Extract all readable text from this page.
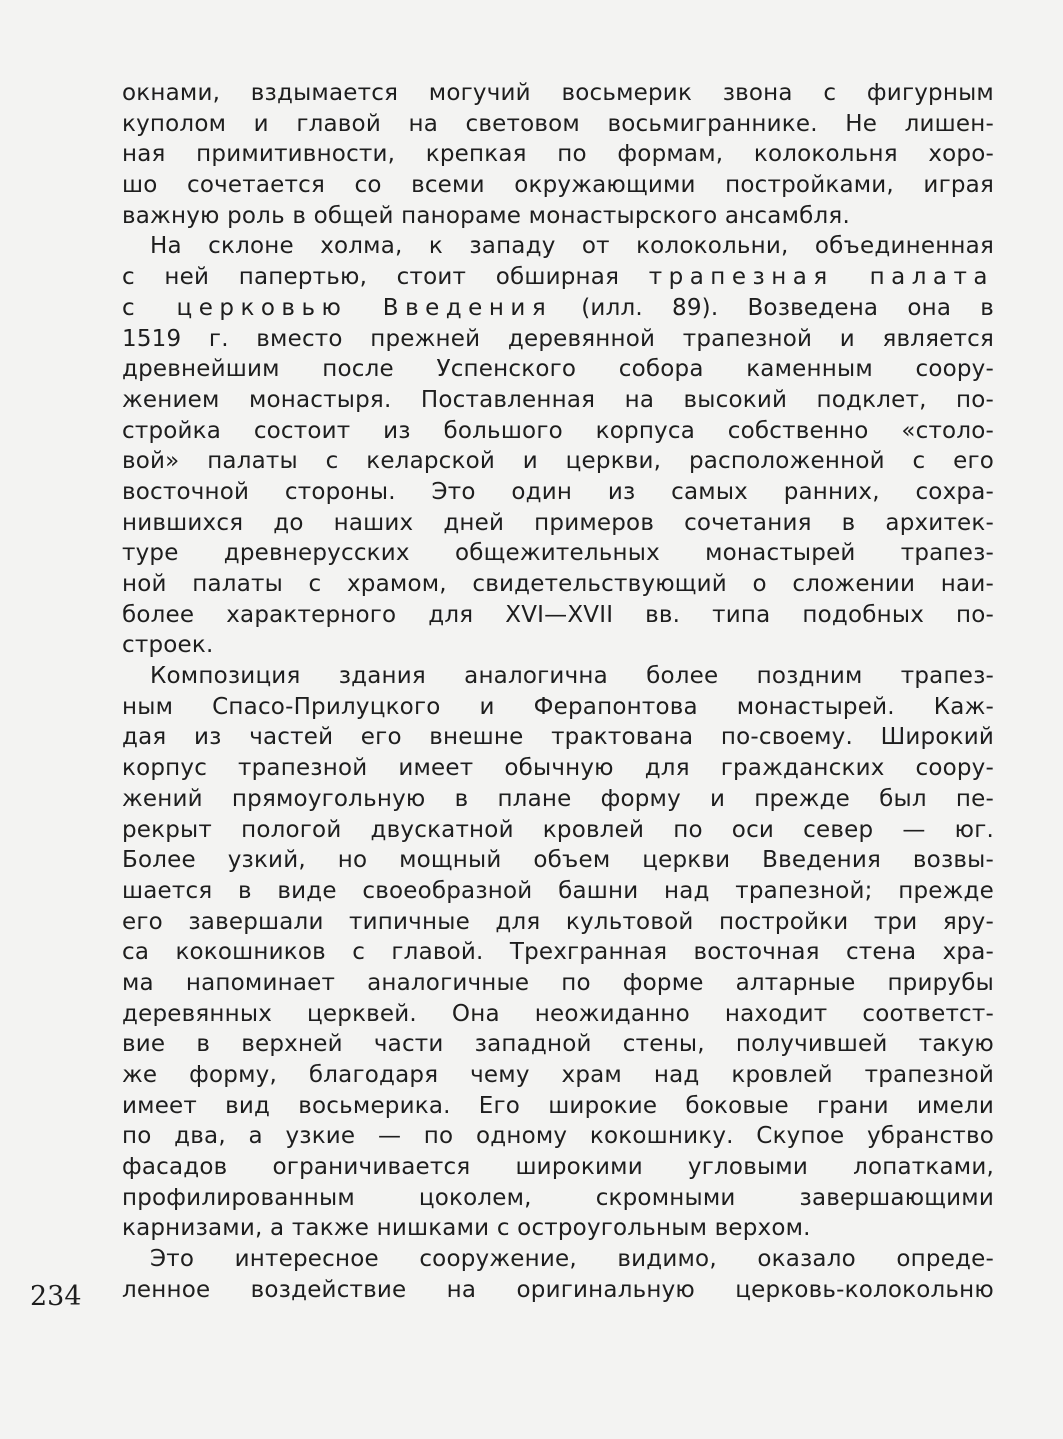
окнами, вздымается могучий восьмерик звона с фигурным
куполом и главой на световом восьмиграннике. Не лишен-
ная примитивности, крепкая по формам, колокольня хоро-
шо сочетается со всеми окружающими постройками, играя
важную роль в общей панораме монастырского ансамбля.
На склоне холма, к западу от колокольни, объединенная
с ней папертью, стоит обширная трапезная палата
с церковью Введения (илл. 89). Возведена она в
1519 г. вместо прежней деревянной трапезной и является
древнейшим после Успенского собора каменным соору-
жением монастыря. Поставленная на высокий подклет, по-
стройка состоит из большого корпуса собственно «столо-
вой» палаты с келарской и церкви, расположенной с его
восточной стороны. Это один из самых ранних, сохра-
нившихся до наших дней примеров сочетания в архитек-
туре древнерусских общежительных монастырей трапез-
ной палаты с храмом, свидетельствующий о сложении наи-
более характерного для XVI—XVII вв. типа подобных по-
строек.
Композиция здания аналогична более поздним трапез-
ным Спасо-Прилуцкого и Ферапонтова монастырей. Каж-
дая из частей его внешне трактована по-своему. Широкий
корпус трапезной имеет обычную для гражданских соору-
жений прямоугольную в плане форму и прежде был пе-
рекрыт пологой двускатной кровлей по оси север — юг.
Более узкий, но мощный объем церкви Введения возвы-
шается в виде своеобразной башни над трапезной; прежде
его завершали типичные для культовой постройки три яру-
са кокошников с главой. Трехгранная восточная стена хра-
ма напоминает аналогичные по форме алтарные прирубы
деревянных церквей. Она неожиданно находит соответст-
вие в верхней части западной стены, получившей такую
же форму, благодаря чему храм над кровлей трапезной
имеет вид восьмерика. Его широкие боковые грани имели
по два, а узкие — по одному кокошнику. Скупое убранство
фасадов ограничивается широкими угловыми лопатками,
профилированным цоколем, скромными завершающими
карнизами, а также нишками с остроугольным верхом.
Это интересное сооружение, видимо, оказало опреде-
ленное воздействие на оригинальную церковь-колокольню
234
